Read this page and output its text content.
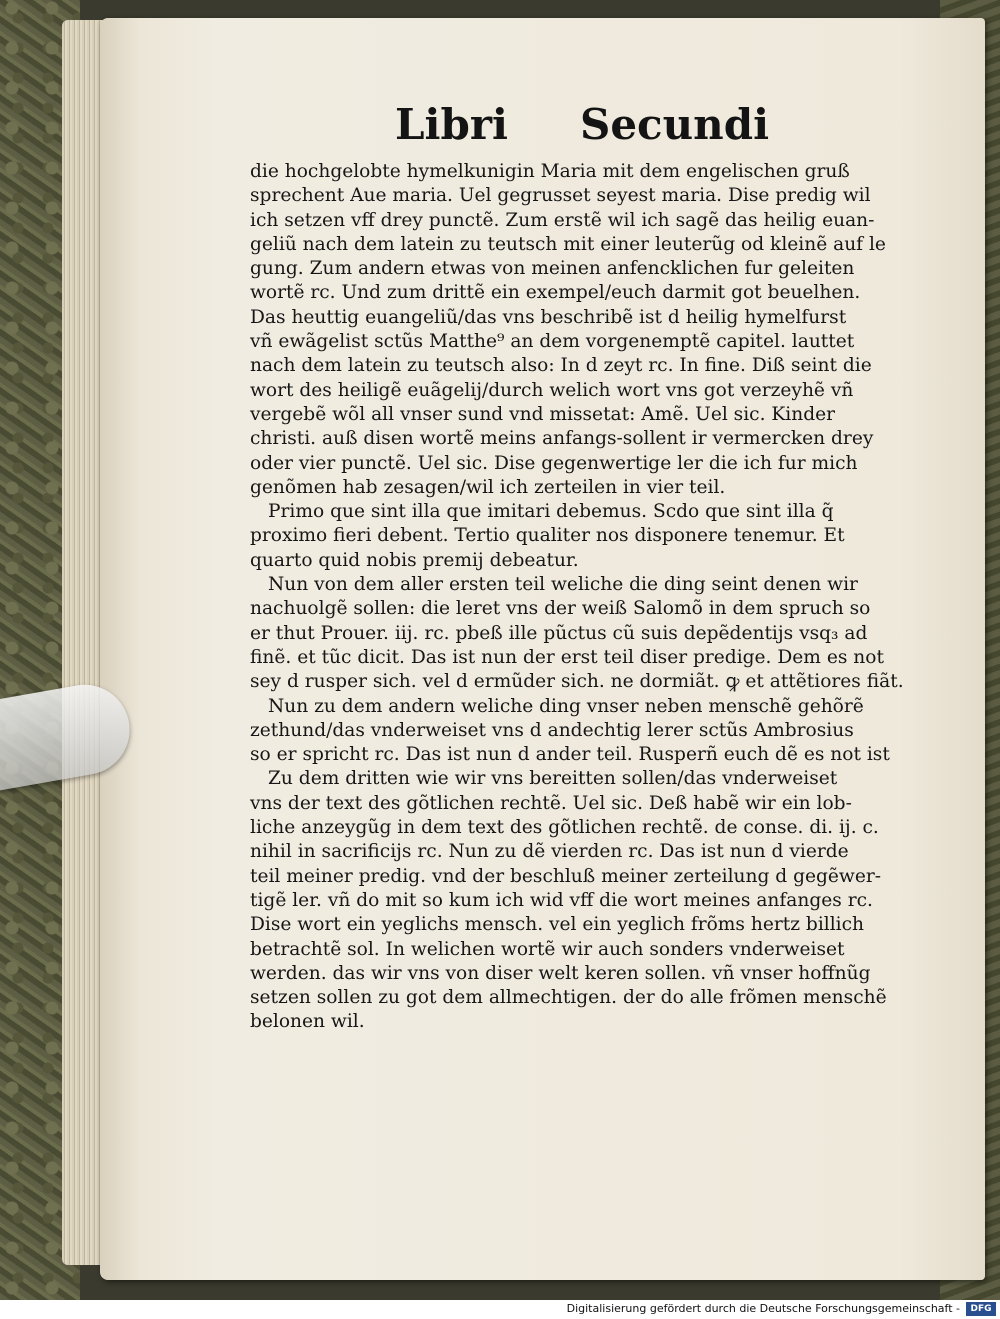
Libri Secundi
die hochgelobte hymelkunigin Maria mit dem engelischen gruß
sprechent Aue maria. Uel gegrusset seyest maria. Dise predig wil
ich setzen vff drey punctẽ. Zum erstẽ wil ich sagẽ das heilig euan-
geliũ nach dem latein zu teutsch mit einer leuterũg od kleinẽ auf le
gung. Zum andern etwas von meinen anfencklichen fur geleiten
wortẽ rc. Und zum drittẽ ein exempel/euch darmit got beuelhen.
Das heuttig euangeliũ/das vns beschribẽ ist d heilig hymelfurst
vñ ewãgelist sctũs Matthe⁹ an dem vorgenemptẽ capitel. lauttet
nach dem latein zu teutsch also: In d zeyt rc. In fine. Diß seint die
wort des heiligẽ euãgelij/durch welich wort vns got verzeyhẽ vñ
vergebẽ wõl all vnser sund vnd missetat: Amẽ. Uel sic. Kinder
christi. auß disen wortẽ meins anfangs-sollent ir vermercken drey
oder vier punctẽ. Uel sic. Dise gegenwertige ler die ich fur mich
genõmen hab zesagen/wil ich zerteilen in vier teil.
Primo que sint illa que imitari debemus. Scdo que sint illa q̃
proximo fieri debent. Tertio qualiter nos disponere tenemur. Et
quarto quid nobis premij debeatur.
Nun von dem aller ersten teil weliche die ding seint denen wir
nachuolgẽ sollen: die leret vns der weiß Salomõ in dem spruch so
er thut Prouer. iij. rc. pbeß ille pũctus cũ suis depẽdentijs vsq₃ ad
finẽ. et tũc dicit. Das ist nun der erst teil diser predige. Dem es not
sey d rusper sich. vel d ermũder sich. ne dormiãt. ꝙ et attẽtiores fiãt.
Nun zu dem andern weliche ding vnser neben menschẽ gehõrẽ
zethund/das vnderweiset vns d andechtig lerer sctũs Ambrosius
so er spricht rc. Das ist nun d ander teil. Rusperñ euch dẽ es not ist
Zu dem dritten wie wir vns bereitten sollen/das vnderweiset
vns der text des gõtlichen rechtẽ. Uel sic. Deß habẽ wir ein lob-
liche anzeygũg in dem text des gõtlichen rechtẽ. de conse. di. ij. c.
nihil in sacrificijs rc. Nun zu dẽ vierden rc. Das ist nun d vierde
teil meiner predig. vnd der beschluß meiner zerteilung d gegẽwer-
tigẽ ler. vñ do mit so kum ich wid vff die wort meines anfanges rc.
Dise wort ein yeglichs mensch. vel ein yeglich frõms hertz billich
betrachtẽ sol. In welichen wortẽ wir auch sonders vnderweiset
werden. das wir vns von diser welt keren sollen. vñ vnser hoffnũg
setzen sollen zu got dem allmechtigen. der do alle frõmen menschẽ
belonen wil.
Digitalisierung gefördert durch die Deutsche Forschungsgemeinschaft -	DFG
